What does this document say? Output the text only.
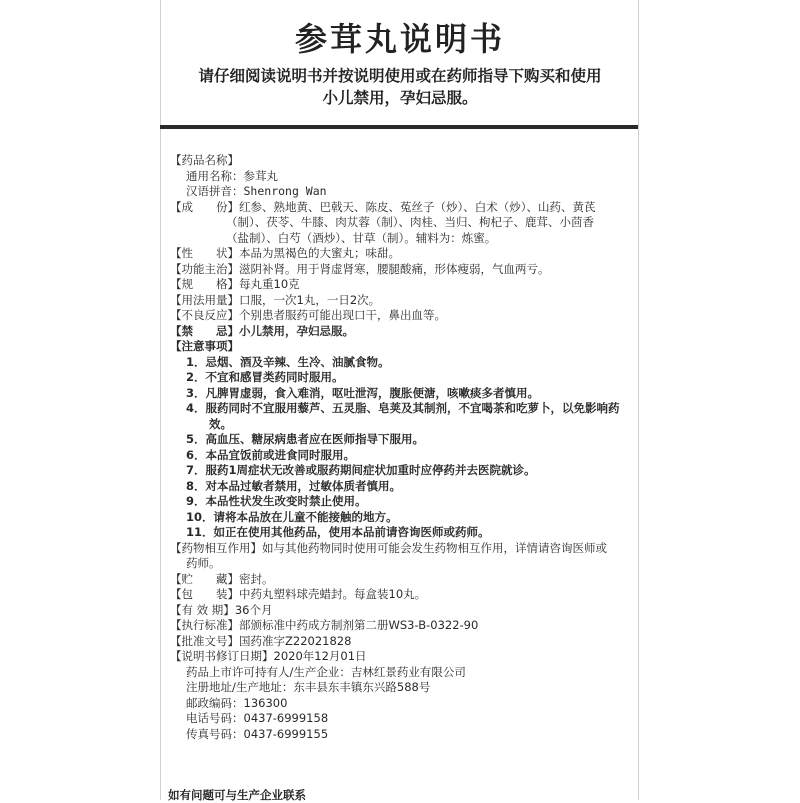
参茸丸说明书
请仔细阅读说明书并按说明使用或在药师指导下购买和使用
小儿禁用，孕妇忌服。

【药品名称】

通用名称：参茸丸

汉语拼音：Shenrong Wan

【成　　份】红参、熟地黄、巴戟天、陈皮、菟丝子（炒）、白术（炒）、山药、黄芪

（制）、茯苓、牛膝、肉苁蓉（制）、肉桂、当归、枸杞子、鹿茸、小茴香

（盐制）、白芍（酒炒）、甘草（制）。辅料为：炼蜜。

【性　　状】本品为黑褐色的大蜜丸；味甜。

【功能主治】滋阴补肾。用于肾虚肾寒，腰腿酸痛，形体瘦弱，气血两亏。

【规　　格】每丸重10克

【用法用量】口服，一次1丸，一日2次。

【不良反应】个别患者服药可能出现口干，鼻出血等。

【禁　　忌】小儿禁用，孕妇忌服。

【注意事项】

1．忌烟、酒及辛辣、生冷、油腻食物。

2．不宜和感冒类药同时服用。

3．凡脾胃虚弱，食入难消，呕吐泄泻，腹胀便溏，咳嗽痰多者慎用。

4．服药同时不宜服用藜芦、五灵脂、皂荚及其制剂，不宜喝茶和吃萝卜，以免影响药

　　效。

5．高血压、糖尿病患者应在医师指导下服用。

6．本品宜饭前或进食同时服用。

7．服药1周症状无改善或服药期间症状加重时应停药并去医院就诊。

8．对本品过敏者禁用，过敏体质者慎用。

9．本品性状发生改变时禁止使用。

10．请将本品放在儿童不能接触的地方。

11．如正在使用其他药品，使用本品前请咨询医师或药师。

【药物相互作用】如与其他药物同时使用可能会发生药物相互作用，详情请咨询医师或

药师。

【贮　　藏】密封。

【包　　装】中药丸塑料球壳蜡封。每盒装10丸。

【有 效 期】36个月

【执行标准】部颁标准中药成方制剂第二册WS3-B-0322-90

【批准文号】国药准字Z22021828

【说明书修订日期】2020年12月01日

药品上市许可持有人/生产企业：吉林红景药业有限公司

注册地址/生产地址：东丰县东丰镇东兴路588号

邮政编码：136300

电话号码：0437-6999158

传真号码：0437-6999155

如有问题可与生产企业联系
